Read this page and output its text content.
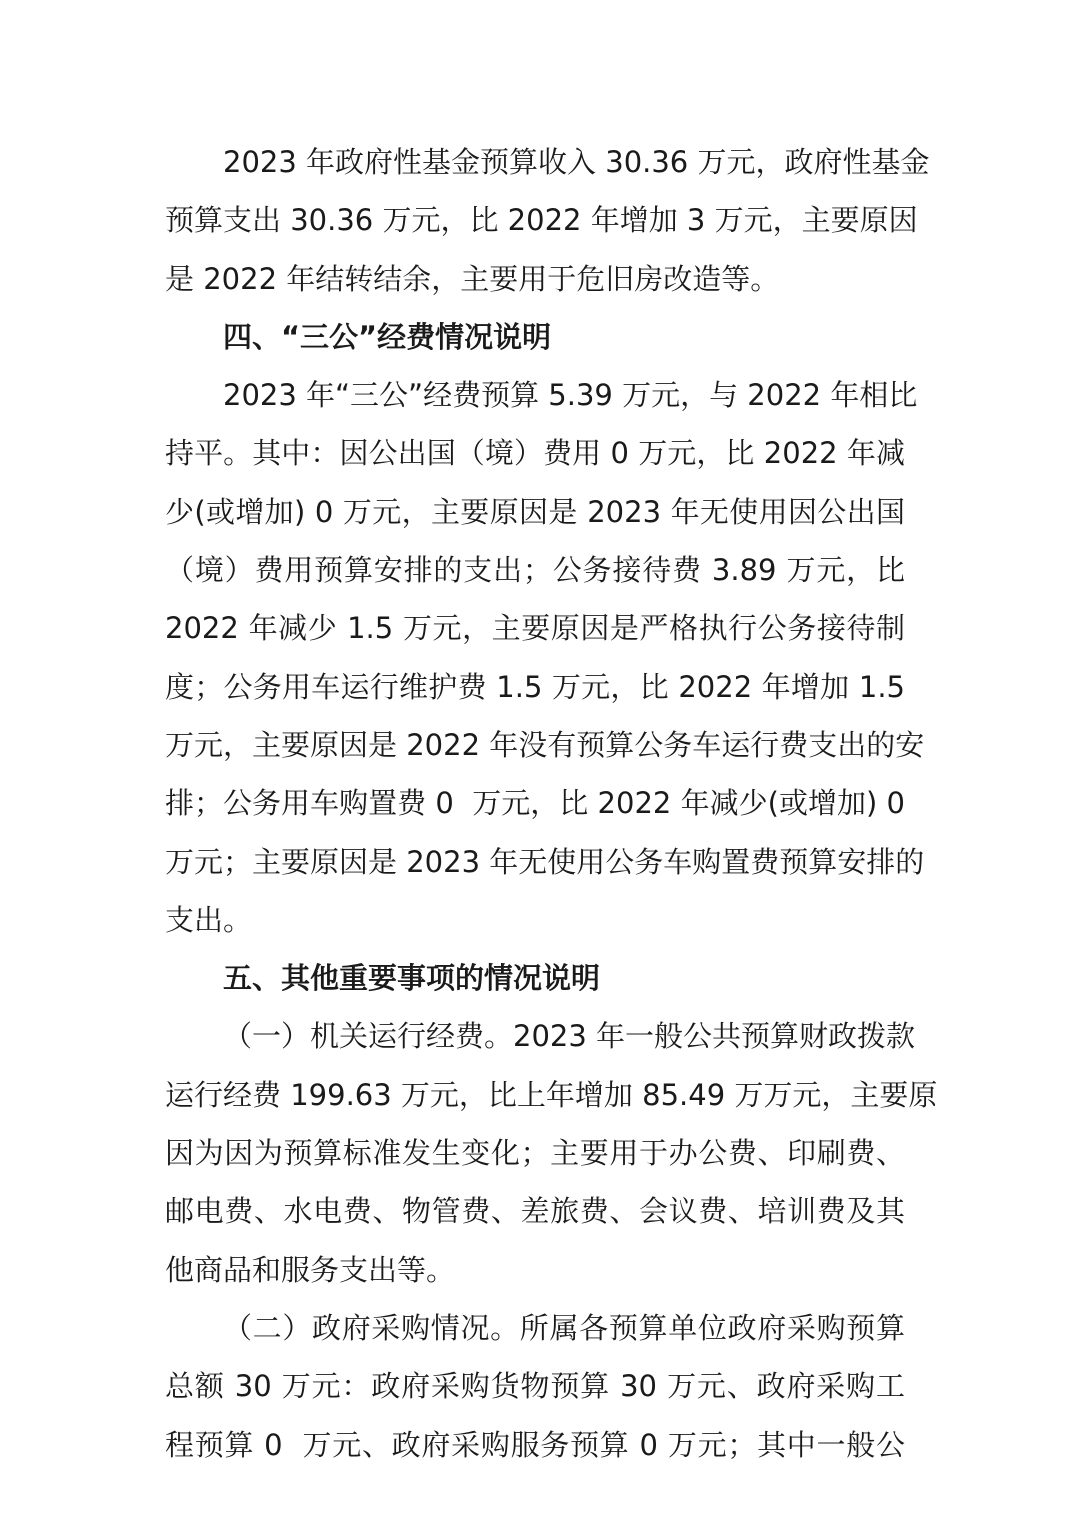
2023 年政府性基金预算收入 30.36 万元，政府性基金
预算支出 30.36 万元，比 2022 年增加 3 万元，主要原因
是 2022 年结转结余，主要用于危旧房改造等。
四、“三公”经费情况说明
2023 年“三公”经费预算 5.39 万元，与 2022 年相比
持平。其中：因公出国（境）费用 0 万元，比 2022 年减
少(或增加) 0 万元，主要原因是 2023 年无使用因公出国
（境）费用预算安排的支出；公务接待费 3.89 万元，比
2022 年减少 1.5 万元，主要原因是严格执行公务接待制
度；公务用车运行维护费 1.5 万元，比 2022 年增加 1.5
万元，主要原因是 2022 年没有预算公务车运行费支出的安
排；公务用车购置费 0  万元，比 2022 年减少(或增加) 0
万元；主要原因是 2023 年无使用公务车购置费预算安排的
支出。
五、其他重要事项的情况说明
（一）机关运行经费。2023 年一般公共预算财政拨款
运行经费 199.63 万元，比上年增加 85.49 万万元，主要原
因为因为预算标准发生变化；主要用于办公费、印刷费、
邮电费、水电费、物管费、差旅费、会议费、培训费及其
他商品和服务支出等。
（二）政府采购情况。所属各预算单位政府采购预算
总额 30 万元：政府采购货物预算 30 万元、政府采购工
程预算 0  万元、政府采购服务预算 0 万元；其中一般公
